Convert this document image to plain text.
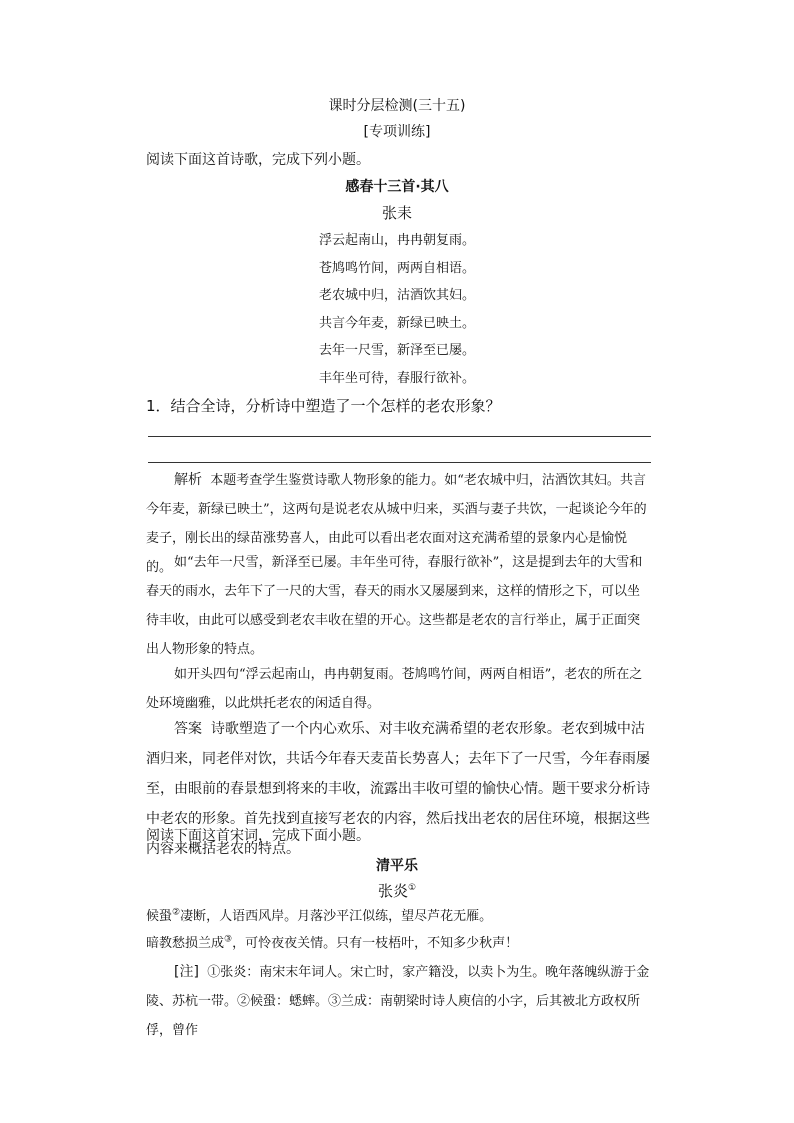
课时分层检测(三十五)
[专项训练]
阅读下面这首诗歌，完成下列小题。
感春十三首·其八
张耒
浮云起南山，冉冉朝复雨。
苍鸠鸣竹间，两两自相语。
老农城中归，沽酒饮其妇。
共言今年麦，新绿已映土。
去年一尺雪，新泽至已屡。
丰年坐可待，春服行欲补。
1．结合全诗，分析诗中塑造了一个怎样的老农形象？
解析 本题考查学生鉴赏诗歌人物形象的能力。如“老农城中归，沽酒饮其妇。共言今年麦，新绿已映土”，这两句是说老农从城中归来，买酒与妻子共饮，一起谈论今年的麦子，刚长出的绿苗涨势喜人，由此可以看出老农面对这充满希望的景象内心是愉悦的。 如“去年一尺雪，新泽至已屡。丰年坐可待，春服行欲补”，这是提到去年的大雪和春天的雨水，去年下了一尺的大雪，春天的雨水又屡屡到来，这样的情形之下，可以坐待丰收，由此可以感受到老农丰收在望的开心。这些都是老农的言行举止，属于正面突出人物形象的特点。
如开头四句“浮云起南山，冉冉朝复雨。苍鸠鸣竹间，两两自相语”，老农的所在之处环境幽雅，以此烘托老农的闲适自得。
答案 诗歌塑造了一个内心欢乐、对丰收充满希望的老农形象。老农到城中沽酒归来，同老伴对饮，共话今年春天麦苗长势喜人；去年下了一尺雪，今年春雨屡至，由眼前的春景想到将来的丰收，流露出丰收可望的愉快心情。题干要求分析诗中老农的形象。首先找到直接写老农的内容，然后找出老农的居住环境，根据这些内容来概括老农的特点。
阅读下面这首宋词，完成下面小题。
清平乐
张炎①
候蛩②凄断，人语西风岸。月落沙平江似练，望尽芦花无雁。
暗教愁损兰成③，可怜夜夜关情。只有一枝梧叶，不知多少秋声！
[注] ①张炎：南宋末年词人。宋亡时，家产籍没，以卖卜为生。晚年落魄纵游于金陵、苏杭一带。②候蛩：蟋蟀。③兰成：南朝梁时诗人庾信的小字，后其被北方政权所俘，曾作
